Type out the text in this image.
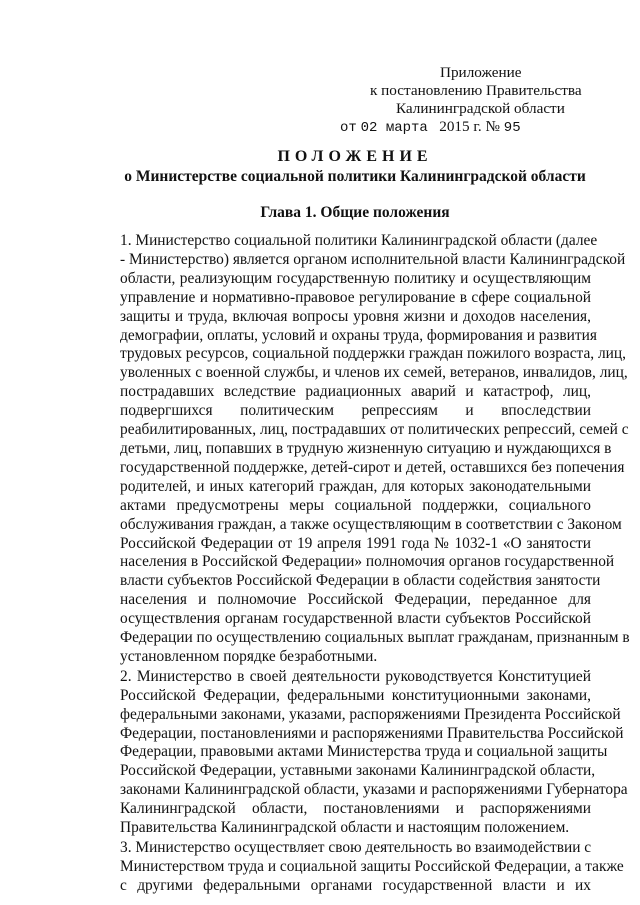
Приложение
к постановлению Правительства
Калининградской области
от 02 марта 2015 г. № 95
ПОЛОЖЕНИЕ
о Министерстве социальной политики Калининградской области
Глава 1. Общие положения
1. Министерство социальной политики Калининградской области (далее
- Министерство) является органом исполнительной власти Калининградской
области, реализующим государственную политику и осуществляющим
управление и нормативно-правовое регулирование в сфере социальной
защиты и труда, включая вопросы уровня жизни и доходов населения,
демографии, оплаты, условий и охраны труда, формирования и развития
трудовых ресурсов, социальной поддержки граждан пожилого возраста, лиц,
уволенных с военной службы, и членов их семей, ветеранов, инвалидов, лиц,
пострадавших вследствие радиационных аварий и катастроф, лиц,
подвергшихся политическим репрессиям и впоследствии
реабилитированных, лиц, пострадавших от политических репрессий, семей с
детьми, лиц, попавших в трудную жизненную ситуацию и нуждающихся в
государственной поддержке, детей-сирот и детей, оставшихся без попечения
родителей, и иных категорий граждан, для которых законодательными
актами предусмотрены меры социальной поддержки, социального
обслуживания граждан, а также осуществляющим в соответствии с Законом
Российской Федерации от 19 апреля 1991 года № 1032-1 «О занятости
населения в Российской Федерации» полномочия органов государственной
власти субъектов Российской Федерации в области содействия занятости
населения и полномочие Российской Федерации, переданное для
осуществления органам государственной власти субъектов Российской
Федерации по осуществлению социальных выплат гражданам, признанным в
установленном порядке безработными.
2. Министерство в своей деятельности руководствуется Конституцией
Российской Федерации, федеральными конституционными законами,
федеральными законами, указами, распоряжениями Президента Российской
Федерации, постановлениями и распоряжениями Правительства Российской
Федерации, правовыми актами Министерства труда и социальной защиты
Российской Федерации, уставными законами Калининградской области,
законами Калининградской области, указами и распоряжениями Губернатора
Калининградской области, постановлениями и распоряжениями
Правительства Калининградской области и настоящим положением.
3. Министерство осуществляет свою деятельность во взаимодействии с
Министерством труда и социальной защиты Российской Федерации, а также
с другими федеральными органами государственной власти и их
